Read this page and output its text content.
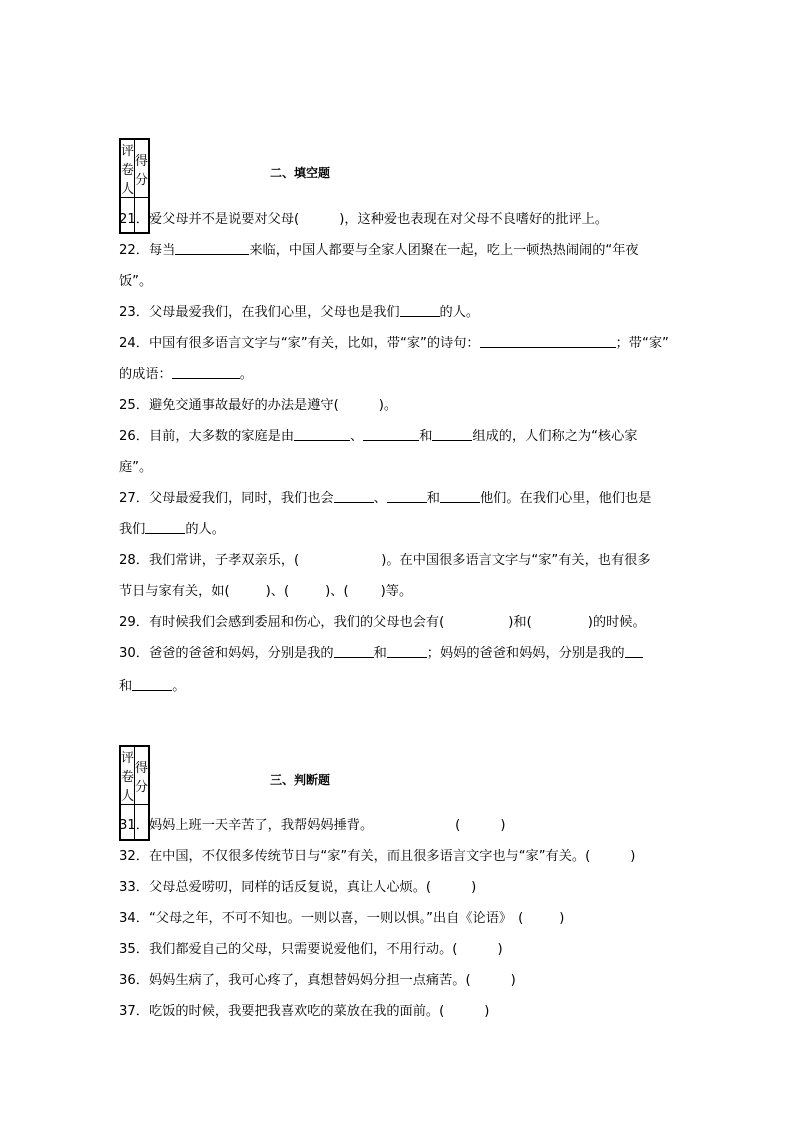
评卷人	得分
		二、填空题
21．爱父母并不是说要对父母(	)，这种爱也表现在对父母不良嗜好的批评上。
22．每当	来临，中国人都要与全家人团聚在一起，吃上一顿热热闹闹的“年夜
饭”。
23．父母最爱我们，在我们心里，父母也是我们	的人。
24．中国有很多语言文字与“家”有关，比如，带“家”的诗句：	；带“家”
的成语：	。
25．避免交通事故最好的办法是遵守(	)。
26．目前，大多数的家庭是由	、	和	组成的，人们称之为“核心家
庭”。
27．父母最爱我们，同时，我们也会	、	和	他们。在我们心里，他们也是
我们	的人。
28．我们常讲，子孝双亲乐，(	)。在中国很多语言文字与“家”有关，也有很多
节日与家有关，如(	)、(	)、( )等。
29．有时候我们会感到委屈和伤心，我们的父母也会有(	)和(	)的时候。
30．爸爸的爸爸和妈妈，分别是我的	和	；妈妈的爸爸和妈妈，分别是我的
和	。
评卷人	得分
		三、判断题
31．妈妈上班一天辛苦了，我帮妈妈捶背。	(	)
32．在中国，不仅很多传统节日与“家”有关，而且很多语言文字也与“家”有关。(	)
33．父母总爱唠叨，同样的话反复说，真让人心烦。(	)
34．“父母之年，不可不知也。一则以喜，一则以惧。”出自《论语》 (	)
35．我们都爱自己的父母，只需要说爱他们，不用行动。(	)
36．妈妈生病了，我可心疼了，真想替妈妈分担一点痛苦。(	)
37．吃饭的时候，我要把我喜欢吃的菜放在我的面前。(	)
